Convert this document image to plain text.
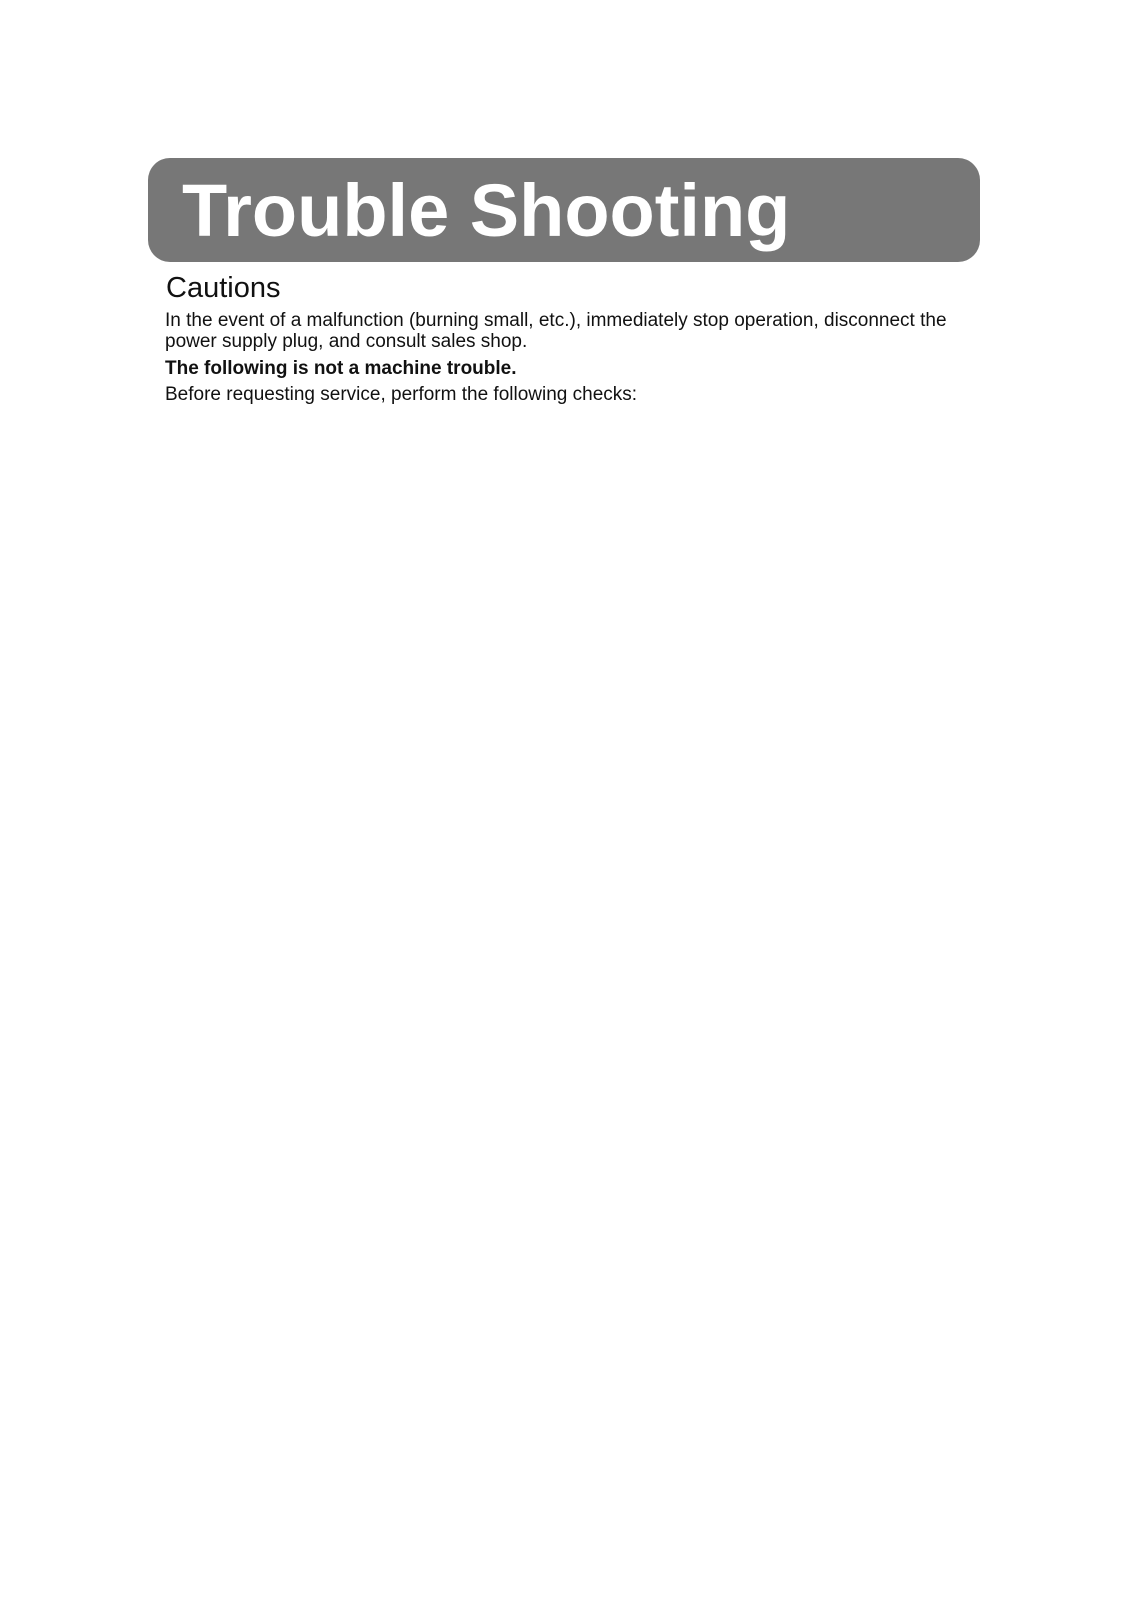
Trouble Shooting
Cautions
In the event of a malfunction (burning small, etc.), immediately stop operation, disconnect the power supply plug, and consult sales shop.
The following is not a machine trouble.
Before requesting service, perform the following checks:
